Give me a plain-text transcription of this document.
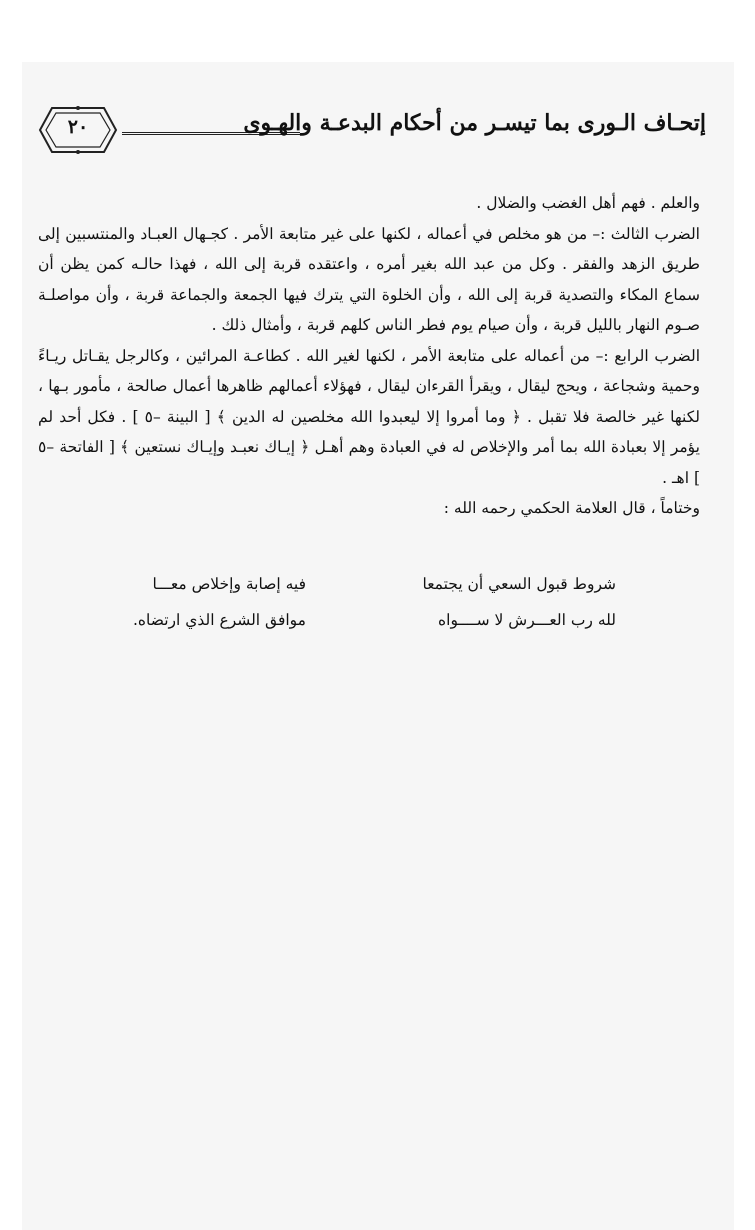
٢٠	إتحـاف الـورى بما تيسـر من أحكام البدعـة والهـوى

والعلم . فهم أهل الغضب والضلال .

الضرب الثالث :– من هو مخلص في أعماله ، لكنها على غير متابعة الأمر . كجـهال العبـاد والمنتسبين إلى طريق الزهد والفقر . وكل من عبد الله بغير أمره ، واعتقده قربة إلى الله ، فهذا حالـه كمن يظن أن سماع المكاء والتصدية قربة إلى الله ، وأن الخلوة التي يترك فيها الجمعة والجماعة قربة ، وأن مواصلـة صـوم النهار بالليل قربة ، وأن صيام يوم فطر الناس كلهم قربة ، وأمثال ذلك .

الضرب الرابع :– من أعماله على متابعة الأمر ، لكنها لغير الله . كطاعـة المرائين ، وكالرجل يقـاتل ريـاءً وحمية وشجاعة ، ويحج ليقال ، ويقرأ القرءان ليقال ، فهؤلاء أعمالهم ظاهرها أعمال صالحة ، مأمور بـها ، لكنها غير خالصة فلا تقبل . ﴿ وما أمروا إلا ليعبدوا الله مخلصين له الدين ﴾ [ البينة –٥ ] . فكل أحد لم يؤمر إلا بعبادة الله بما أمر والإخلاص له في العبادة وهم أهـل ﴿ إيـاك نعبـد وإيـاك نستعين ﴾ [ الفاتحة –٥ ] اهـ .

وختاماً ، قال العلامة الحكمي رحمه الله :

شروط قبول السعي أن يجتمعا
فيه إصابة وإخلاص معـــا
لله رب العـــرش لا ســــواه
موافق الشرع الذي ارتضاه.
